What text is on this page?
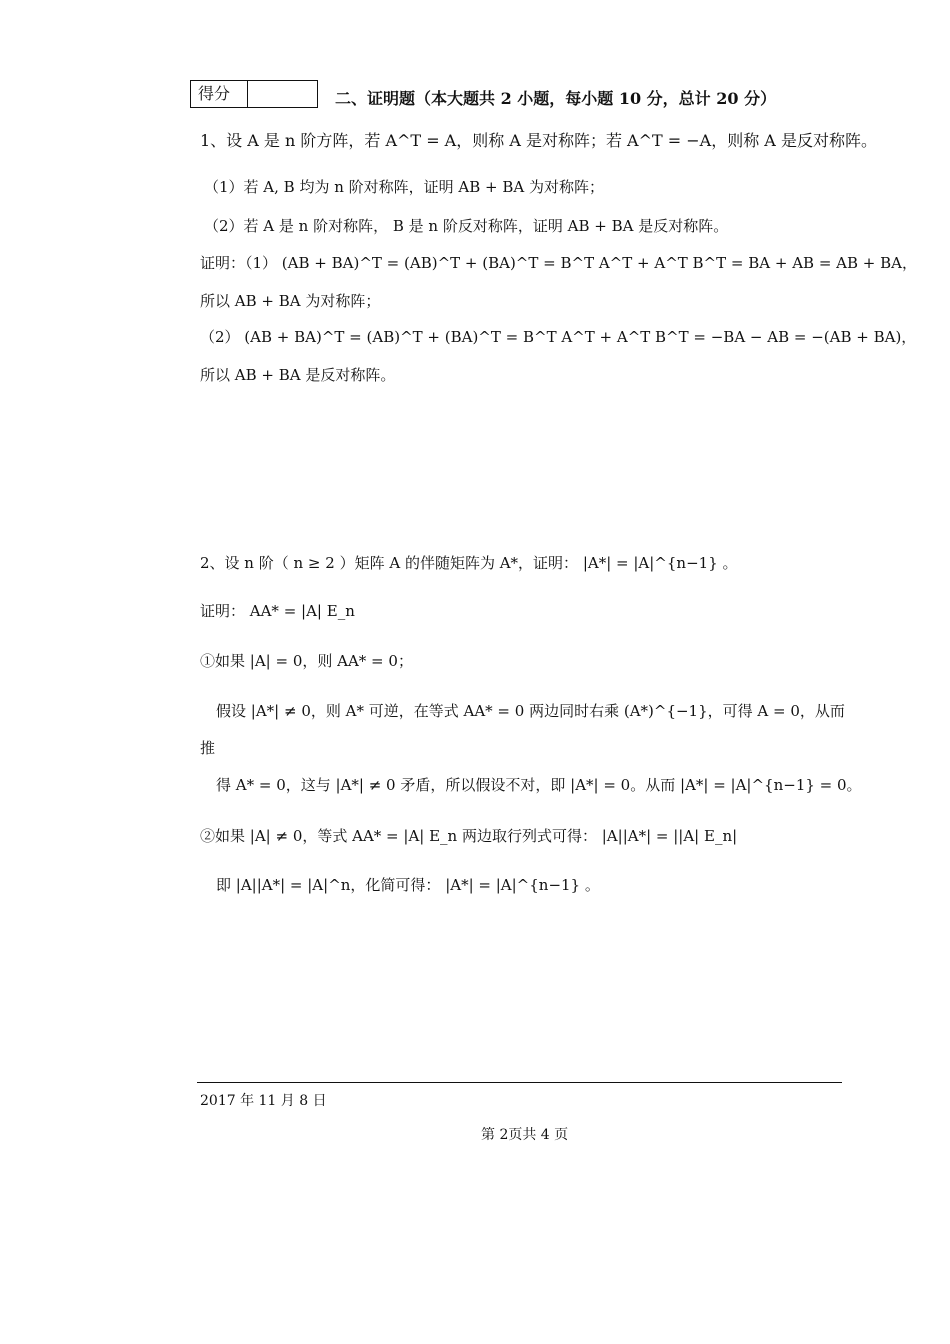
得分	二、证明题（本大题共 2 小题，每小题 10 分，总计 20 分）
1、设 A 是 n 阶方阵，若 A^T = A，则称 A 是对称阵；若 A^T = −A，则称 A 是反对称阵。
（1）若 A, B 均为 n 阶对称阵，证明 AB + BA 为对称阵；
（2）若 A 是 n 阶对称阵， B 是 n 阶反对称阵，证明 AB + BA 是反对称阵。
证明：（1） (AB + BA)^T = (AB)^T + (BA)^T = B^T A^T + A^T B^T = BA + AB = AB + BA，
所以 AB + BA 为对称阵；
（2） (AB + BA)^T = (AB)^T + (BA)^T = B^T A^T + A^T B^T = −BA − AB = −(AB + BA)，
所以 AB + BA 是反对称阵。
2、设 n 阶（ n ≥ 2 ）矩阵 A 的伴随矩阵为 A*，证明： |A*| = |A|^{n−1} 。
证明： AA* = |A| E_n
①如果 |A| = 0，则 AA* = 0；
假设 |A*| ≠ 0，则 A* 可逆，在等式 AA* = 0 两边同时右乘 (A*)^{−1}，可得 A = 0，从而
推
得 A* = 0，这与 |A*| ≠ 0 矛盾，所以假设不对，即 |A*| = 0。从而 |A*| = |A|^{n−1} = 0。
②如果 |A| ≠ 0，等式 AA* = |A| E_n 两边取行列式可得： |A||A*| = ||A| E_n|
即 |A||A*| = |A|^n，化简可得： |A*| = |A|^{n−1} 。
2017 年 11 月 8 日
第 2页共 4 页
